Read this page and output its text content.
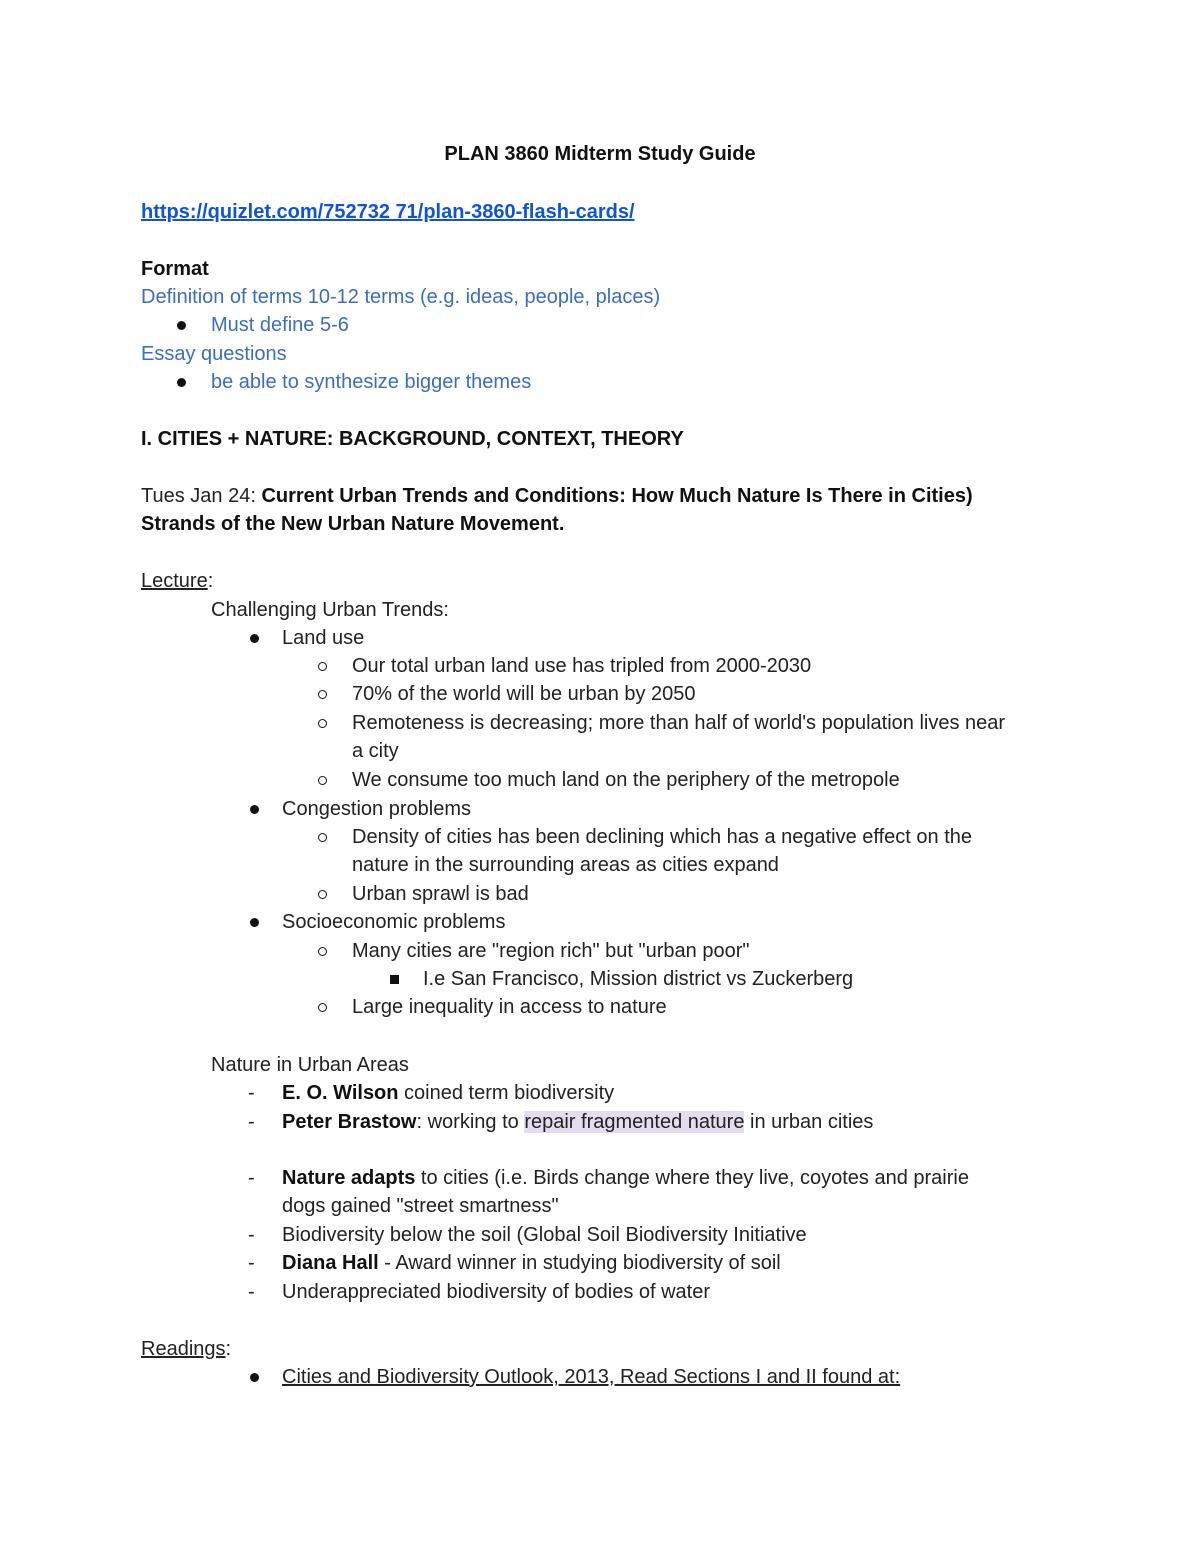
PLAN 3860 Midterm Study Guide
https://quizlet.com/752732 71/plan-3860-flash-cards/
Format
Definition of terms 10-12 terms (e.g. ideas, people, places)
Must define 5-6
Essay questions
be able to synthesize bigger themes
I. CITIES + NATURE: BACKGROUND, CONTEXT, THEORY
Tues Jan 24: Current Urban Trends and Conditions: How Much Nature Is There in Cities)
Strands of the New Urban Nature Movement.
Lecture:
Challenging Urban Trends:
Land use
Our total urban land use has tripled from 2000-2030
70% of the world will be urban by 2050
Remoteness is decreasing; more than half of world's population lives near
a city
We consume too much land on the periphery of the metropole
Congestion problems
Density of cities has been declining which has a negative effect on the
nature in the surrounding areas as cities expand
Urban sprawl is bad
Socioeconomic problems
Many cities are "region rich" but "urban poor"
I.e San Francisco, Mission district vs Zuckerberg
Large inequality in access to nature
Nature in Urban Areas
- E. O. Wilson coined term biodiversity
- Peter Brastow: working to repair fragmented nature in urban cities
- Nature adapts to cities (i.e. Birds change where they live, coyotes and prairie
dogs gained "street smartness"
- Biodiversity below the soil (Global Soil Biodiversity Initiative
- Diana Hall - Award winner in studying biodiversity of soil
- Underappreciated biodiversity of bodies of water
Readings:
Cities and Biodiversity Outlook, 2013, Read Sections I and II found at:
